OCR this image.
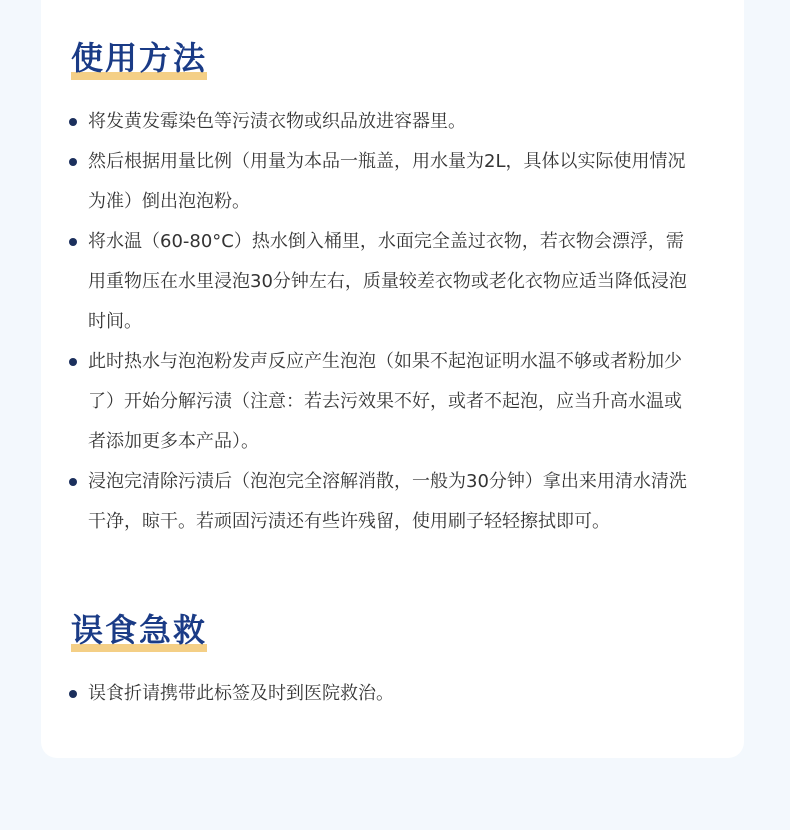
使用方法
将发黄发霉染色等污渍衣物或织品放进容器里。
然后根据用量比例（用量为本品一瓶盖，用水量为2L，具体以实际使用情况为准）倒出泡泡粉。
将水温（60-80°C）热水倒入桶里，水面完全盖过衣物，若衣物会漂浮，需用重物压在水里浸泡30分钟左右，质量较差衣物或老化衣物应适当降低浸泡时间。
此时热水与泡泡粉发声反应产生泡泡（如果不起泡证明水温不够或者粉加少了）开始分解污渍（注意：若去污效果不好，或者不起泡，应当升高水温或者添加更多本产品）。
浸泡完清除污渍后（泡泡完全溶解消散，一般为30分钟）拿出来用清水清洗干净，晾干。若顽固污渍还有些许残留，使用刷子轻轻擦拭即可。
误食急救
误食折请携带此标签及时到医院救治。
